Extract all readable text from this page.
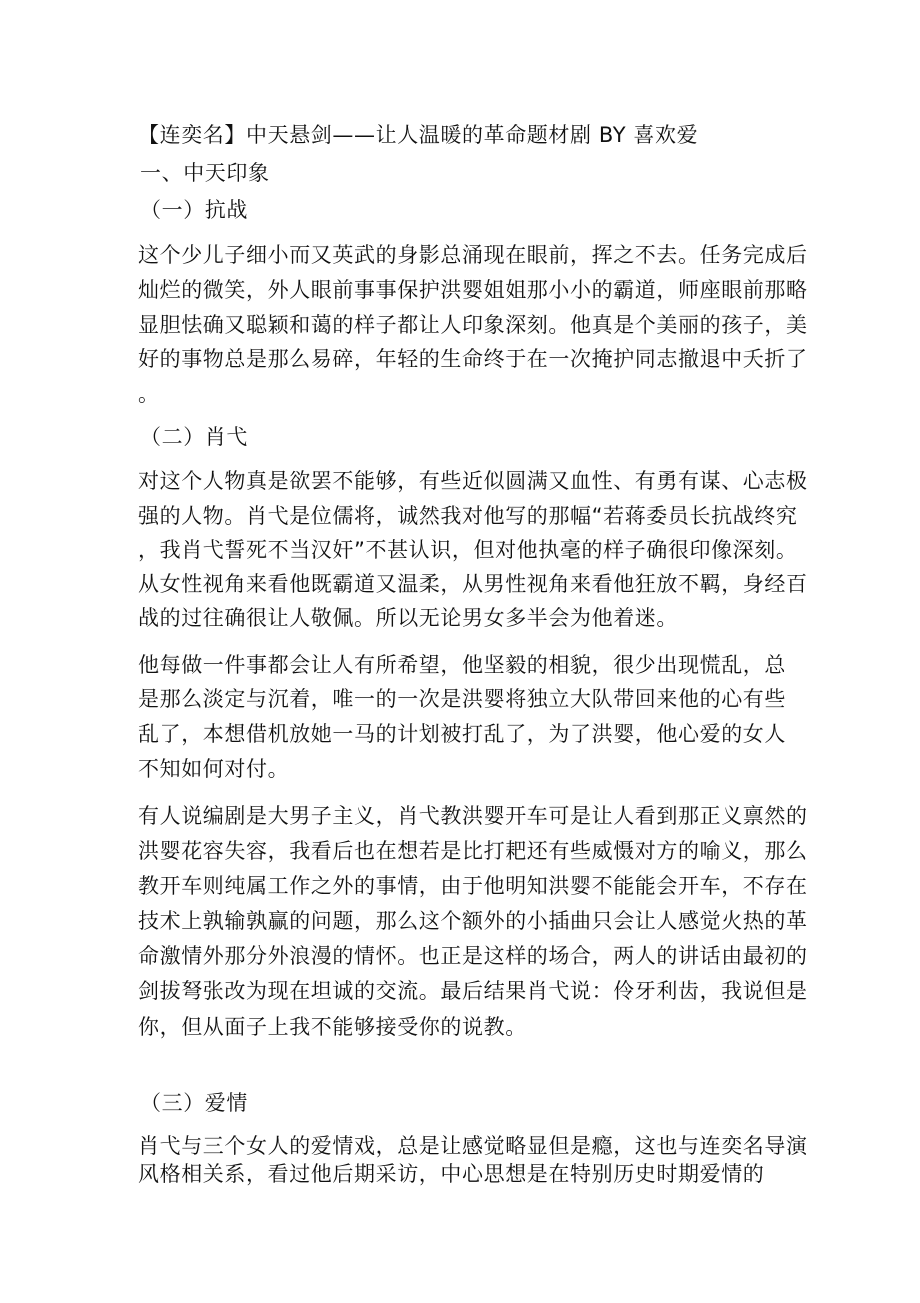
【连奕名】中天悬剑——让人温暖的革命题材剧 BY 喜欢爱
一、中天印象
（一）抗战
这个少儿子细小而又英武的身影总涌现在眼前，挥之不去。任务完成后
灿烂的微笑，外人眼前事事保护洪婴姐姐那小小的霸道，师座眼前那略
显胆怯确又聪颖和蔼的样子都让人印象深刻。他真是个美丽的孩子，美
好的事物总是那么易碎，年轻的生命终于在一次掩护同志撤退中夭折了
。
（二）肖弋
对这个人物真是欲罢不能够，有些近似圆满又血性、有勇有谋、心志极
强的人物。肖弋是位儒将，诚然我对他写的那幅“若蒋委员长抗战终究
，我肖弋誓死不当汉奸”不甚认识，但对他执毫的样子确很印像深刻。
从女性视角来看他既霸道又温柔，从男性视角来看他狂放不羁，身经百
战的过往确很让人敬佩。所以无论男女多半会为他着迷。
他每做一件事都会让人有所希望，他坚毅的相貌，很少出现慌乱，总
是那么淡定与沉着，唯一的一次是洪婴将独立大队带回来他的心有些
乱了，本想借机放她一马的计划被打乱了，为了洪婴，他心爱的女人
不知如何对付。
有人说编剧是大男子主义，肖弋教洪婴开车可是让人看到那正义禀然的
洪婴花容失容，我看后也在想若是比打耙还有些威慑对方的喻义，那么
教开车则纯属工作之外的事情，由于他明知洪婴不能能会开车，不存在
技术上孰输孰赢的问题，那么这个额外的小插曲只会让人感觉火热的革
命激情外那分外浪漫的情怀。也正是这样的场合，两人的讲话由最初的
剑拔弩张改为现在坦诚的交流。最后结果肖弋说：伶牙利齿，我说但是
你，但从面子上我不能够接受你的说教。
（三）爱情
肖弋与三个女人的爱情戏，总是让感觉略显但是瘾，这也与连奕名导演
风格相关系，看过他后期采访，中心思想是在特别历史时期爱情的
